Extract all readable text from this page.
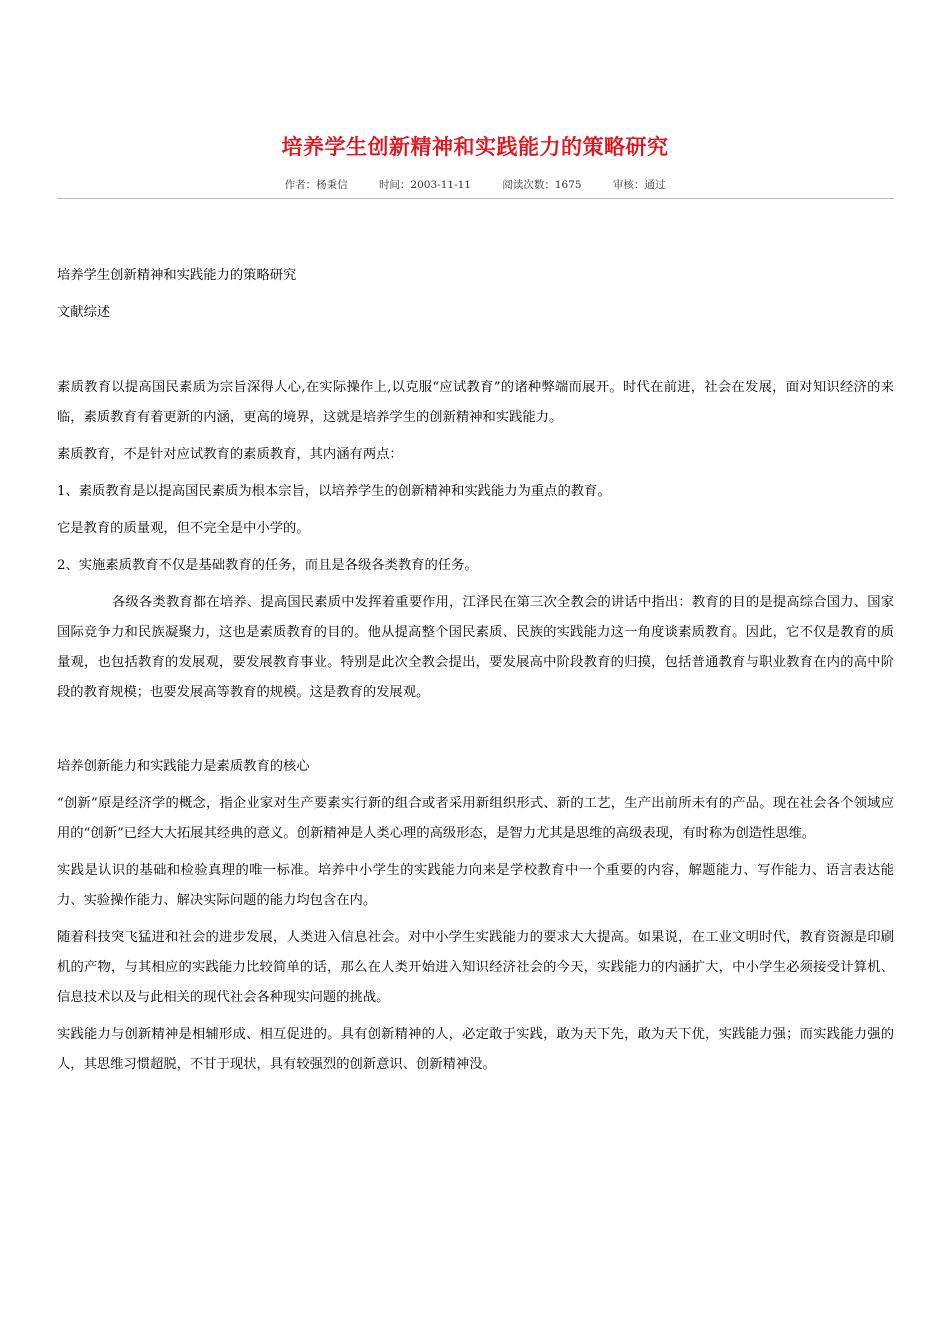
培养学生创新精神和实践能力的策略研究
作者：杨秉信	时间：2003-11-11	阅读次数：1675	审核：通过

培养学生创新精神和实践能力的策略研究

文献综述

素质教育以提高国民素质为宗旨深得人心,在实际操作上,以克服“应试教育”的诸种弊端而展开。时代在前进，社会在发展，面对知识经济的来临，素质教育有着更新的内涵，更高的境界，这就是培养学生的创新精神和实践能力。

素质教育，不是针对应试教育的素质教育，其内涵有两点：

1、素质教育是以提高国民素质为根本宗旨，以培养学生的创新精神和实践能力为重点的教育。

它是教育的质量观，但不完全是中小学的。

2、实施素质教育不仅是基础教育的任务，而且是各级各类教育的任务。

各级各类教育都在培养、提高国民素质中发挥着重要作用，江泽民在第三次全教会的讲话中指出：教育的目的是提高综合国力、国家国际竞争力和民族凝聚力，这也是素质教育的目的。他从提高整个国民素质、民族的实践能力这一角度谈素质教育。因此，它不仅是教育的质量观，也包括教育的发展观，要发展教育事业。特别是此次全教会提出，要发展高中阶段教育的归摸，包括普通教育与职业教育在内的高中阶段的教育规模；也要发展高等教育的规模。这是教育的发展观。

培养创新能力和实践能力是素质教育的核心

“创新”原是经济学的概念，指企业家对生产要素实行新的组合或者采用新组织形式、新的工艺，生产出前所未有的产品。现在社会各个领域应用的“创新”已经大大拓展其经典的意义。创新精神是人类心理的高级形态，是智力尤其是思维的高级表现，有时称为创造性思维。

实践是认识的基础和检验真理的唯一标准。培养中小学生的实践能力向来是学校教育中一个重要的内容，解题能力、写作能力、语言表达能力、实验操作能力、解决实际问题的能力均包含在内。

随着科技突飞猛进和社会的进步发展，人类进入信息社会。对中小学生实践能力的要求大大提高。如果说，在工业文明时代，教育资源是印刷机的产物，与其相应的实践能力比较简单的话，那么在人类开始进入知识经济社会的今天，实践能力的内涵扩大，中小学生必须接受计算机、信息技术以及与此相关的现代社会各种现实问题的挑战。

实践能力与创新精神是相辅形成、相互促进的。具有创新精神的人，必定敢于实践，敢为天下先，敢为天下优，实践能力强；而实践能力强的人，其思维习惯超脱，不甘于现状，具有较强烈的创新意识、创新精神没。
